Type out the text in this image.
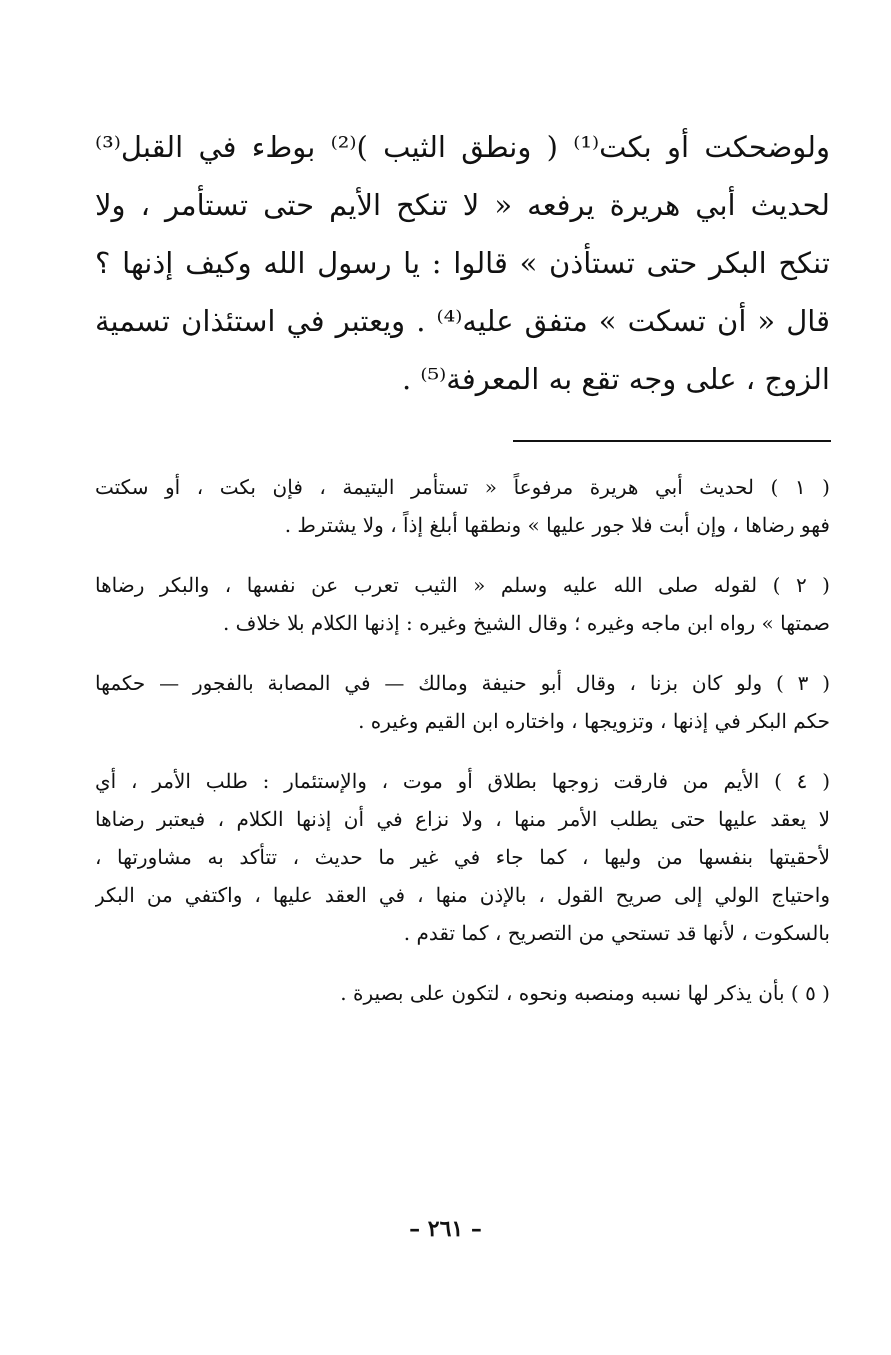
ولوضحكت أو بكت⁽¹⁾ ( ونطق الثيب )⁽²⁾ بوطء في القبل⁽³⁾
لحديث أبي هريرة يرفعه « لا تنكح الأيم حتى تستأمر ، ولا
تنكح البكر حتى تستأذن » قالوا : يا رسول الله وكيف إذنها ؟
قال « أن تسكت » متفق عليه⁽⁴⁾ . ويعتبر في استئذان تسمية
الزوج ، على وجه تقع به المعرفة⁽⁵⁾ .
( ١ ) لحديث أبي هريرة مرفوعاً « تستأمر اليتيمة ، فإن بكت ، أو سكتت
فهو رضاها ، وإن أبت فلا جور عليها » ونطقها أبلغ إذاً ، ولا يشترط .
( ٢ ) لقوله صلى الله عليه وسلم « الثيب تعرب عن نفسها ، والبكر رضاها
صمتها » رواه ابن ماجه وغيره ؛ وقال الشيخ وغيره : إذنها الكلام بلا خلاف .
( ٣ ) ولو كان بزنا ، وقال أبو حنيفة ومالك — في المصابة بالفجور — حكمها
حكم البكر في إذنها ، وتزويجها ، واختاره ابن القيم وغيره .
( ٤ ) الأيم من فارقت زوجها بطلاق أو موت ، والإستئمار : طلب الأمر ، أي
لا يعقد عليها حتى يطلب الأمر منها ، ولا نزاع في أن إذنها الكلام ، فيعتبر رضاها
لأحقيتها بنفسها من وليها ، كما جاء في غير ما حديث ، تتأكد به مشاورتها ،
واحتياج الولي إلى صريح القول ، بالإذن منها ، في العقد عليها ، واكتفي من البكر
بالسكوت ، لأنها قد تستحي من التصريح ، كما تقدم .
( ٥ ) بأن يذكر لها نسبه ومنصبه ونحوه ، لتكون على بصيرة .
– ٢٦١ –
